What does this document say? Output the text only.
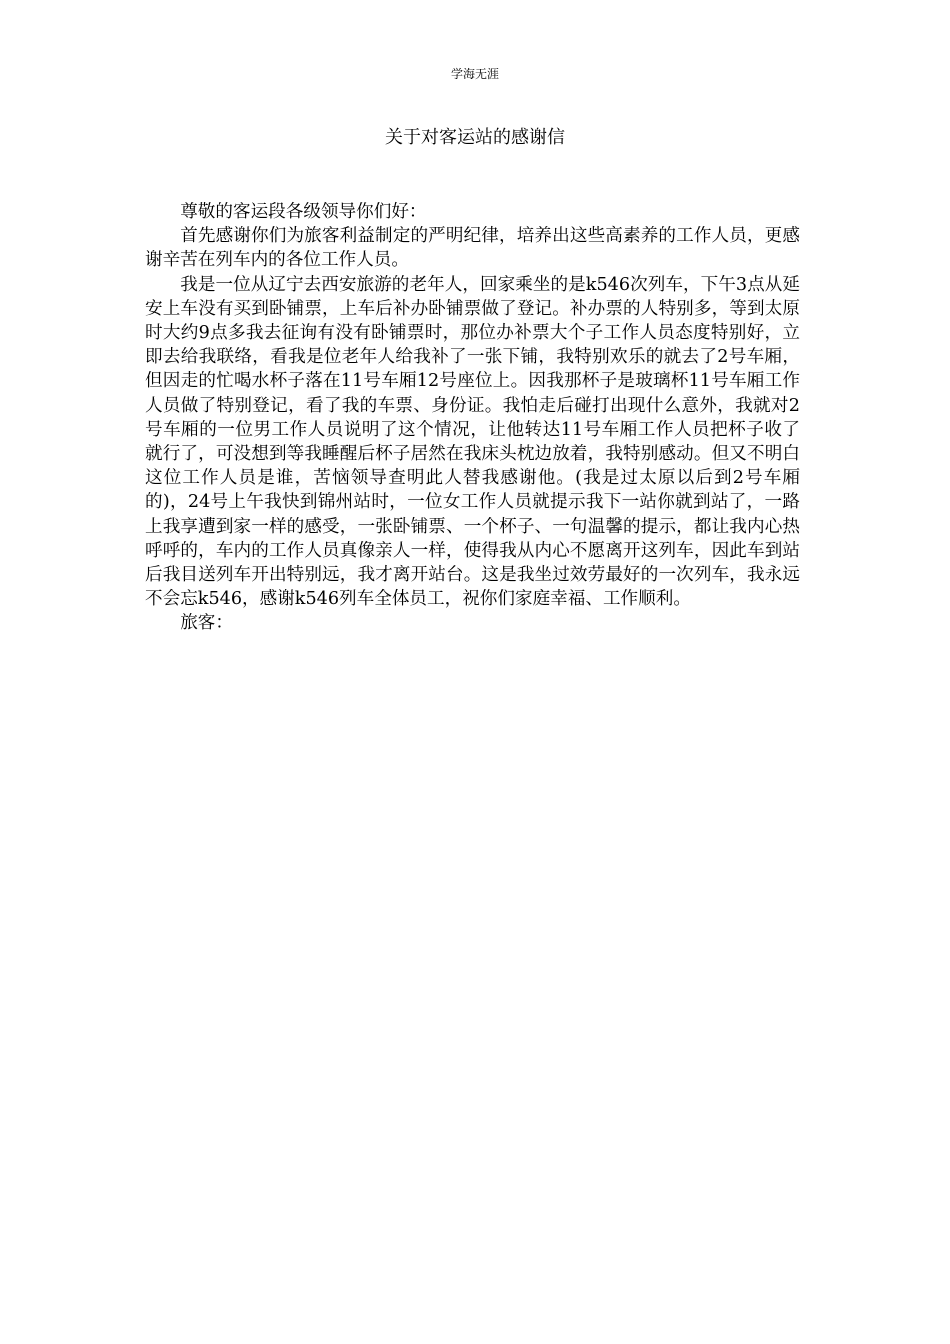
学海无涯
关于对客运站的感谢信

尊敬的客运段各级领导你们好：

首先感谢你们为旅客利益制定的严明纪律，培养出这些高素养的工作人员，更感谢辛苦在列车内的各位工作人员。

我是一位从辽宁去西安旅游的老年人，回家乘坐的是k546次列车，下午3点从延安上车没有买到卧铺票，上车后补办卧铺票做了登记。补办票的人特别多，等到太原时大约9点多我去征询有没有卧铺票时，那位办补票大个子工作人员态度特别好，立即去给我联络，看我是位老年人给我补了一张下铺，我特别欢乐的就去了2号车厢，但因走的忙喝水杯子落在11号车厢12号座位上。因我那杯子是玻璃杯11号车厢工作人员做了特别登记，看了我的车票、身份证。我怕走后碰打出现什么意外，我就对2号车厢的一位男工作人员说明了这个情况，让他转达11号车厢工作人员把杯子收了就行了，可没想到等我睡醒后杯子居然在我床头枕边放着，我特别感动。但又不明白这位工作人员是谁，苦恼领导查明此人替我感谢他。(我是过太原以后到2号车厢的)，24号上午我快到锦州站时，一位女工作人员就提示我下一站你就到站了，一路上我享遭到家一样的感受，一张卧铺票、一个杯子、一句温馨的提示，都让我内心热呼呼的，车内的工作人员真像亲人一样，使得我从内心不愿离开这列车，因此车到站后我目送列车开出特别远，我才离开站台。这是我坐过效劳最好的一次列车，我永远不会忘k546，感谢k546列车全体员工，祝你们家庭幸福、工作顺利。

旅客：
